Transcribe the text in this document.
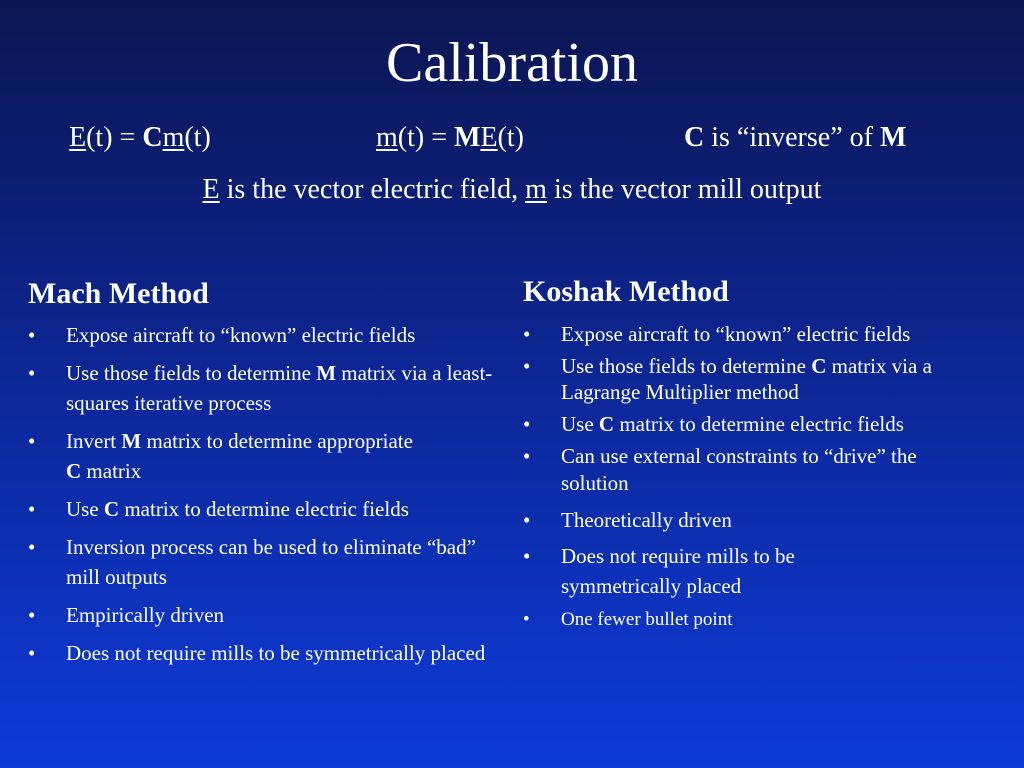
Calibration
E(t) = Cm(t)	m(t) = ME(t)	C is “inverse” of M
E is the vector electric field, m is the vector mill output
Mach Method
• Expose aircraft to “known” electric fields
• Use those fields to determine M matrix via a least-squares iterative process
• Invert M matrix to determine appropriate
C matrix
• Use C matrix to determine electric fields
• Inversion process can be used to eliminate “bad” mill outputs
• Empirically driven
• Does not require mills to be symmetrically placed
Koshak Method
• Expose aircraft to “known” electric fields
• Use those fields to determine C matrix via a Lagrange Multiplier method
• Use C matrix to determine electric fields
• Can use external constraints to “drive” the solution
• Theoretically driven
• Does not require mills to be symmetrically placed
• One fewer bullet point
